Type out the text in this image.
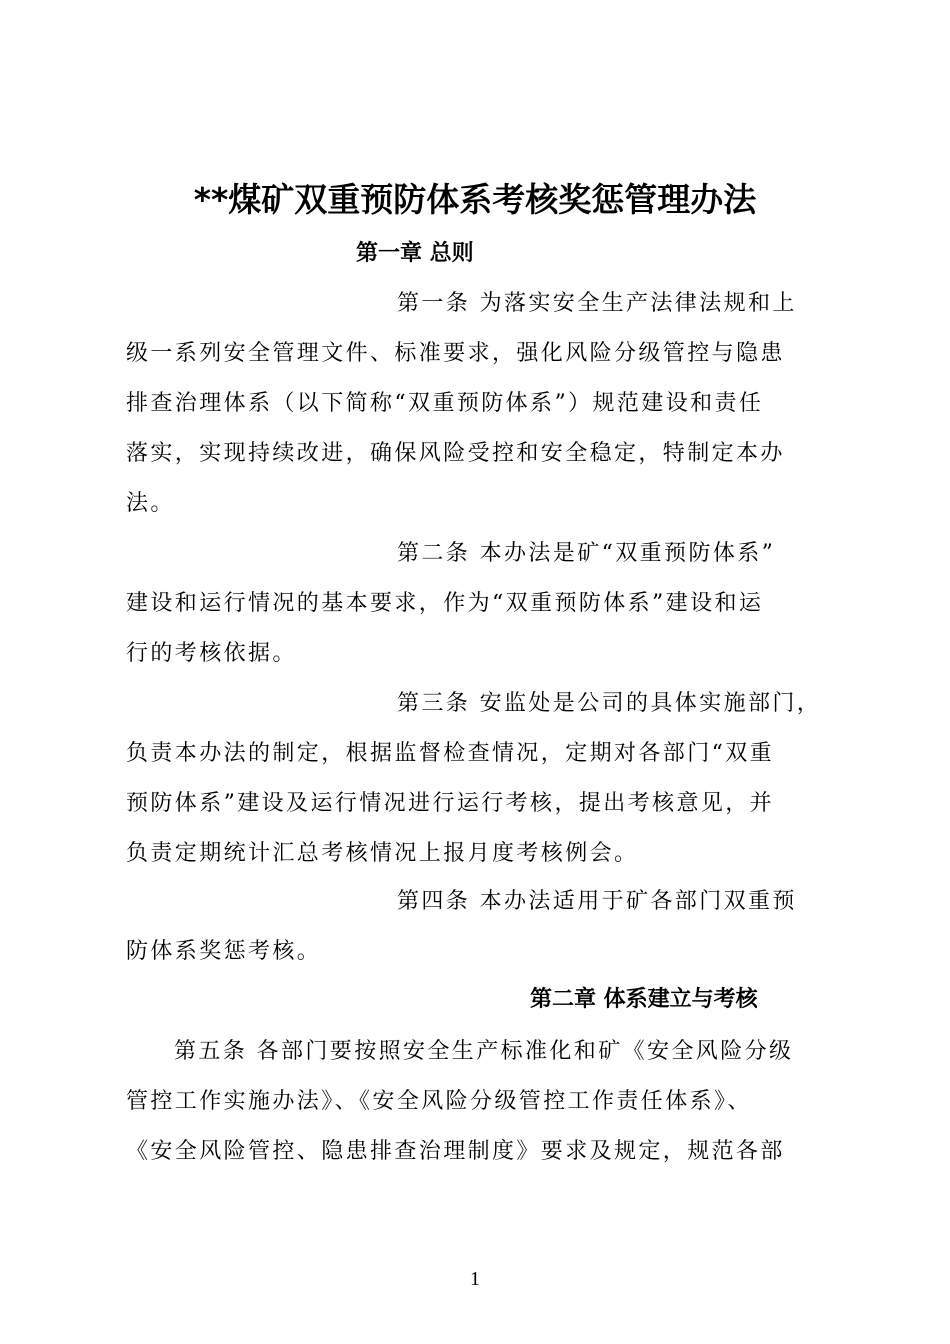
**煤矿双重预防体系考核奖惩管理办法
第一章 总则
第一条 为落实安全生产法律法规和上
级一系列安全管理文件、标准要求，强化风险分级管控与隐患
排查治理体系（以下简称“双重预防体系”）规范建设和责任
落实，实现持续改进，确保风险受控和安全稳定，特制定本办
法。
第二条 本办法是矿“双重预防体系”
建设和运行情况的基本要求，作为“双重预防体系”建设和运
行的考核依据。
第三条 安监处是公司的具体实施部门，
负责本办法的制定，根据监督检查情况，定期对各部门“双重
预防体系”建设及运行情况进行运行考核，提出考核意见，并
负责定期统计汇总考核情况上报月度考核例会。
第四条 本办法适用于矿各部门双重预
防体系奖惩考核。
第二章 体系建立与考核
第五条 各部门要按照安全生产标准化和矿《安全风险分级
管控工作实施办法》、《安全风险分级管控工作责任体系》、
《安全风险管控、隐患排查治理制度》要求及规定，规范各部
1
